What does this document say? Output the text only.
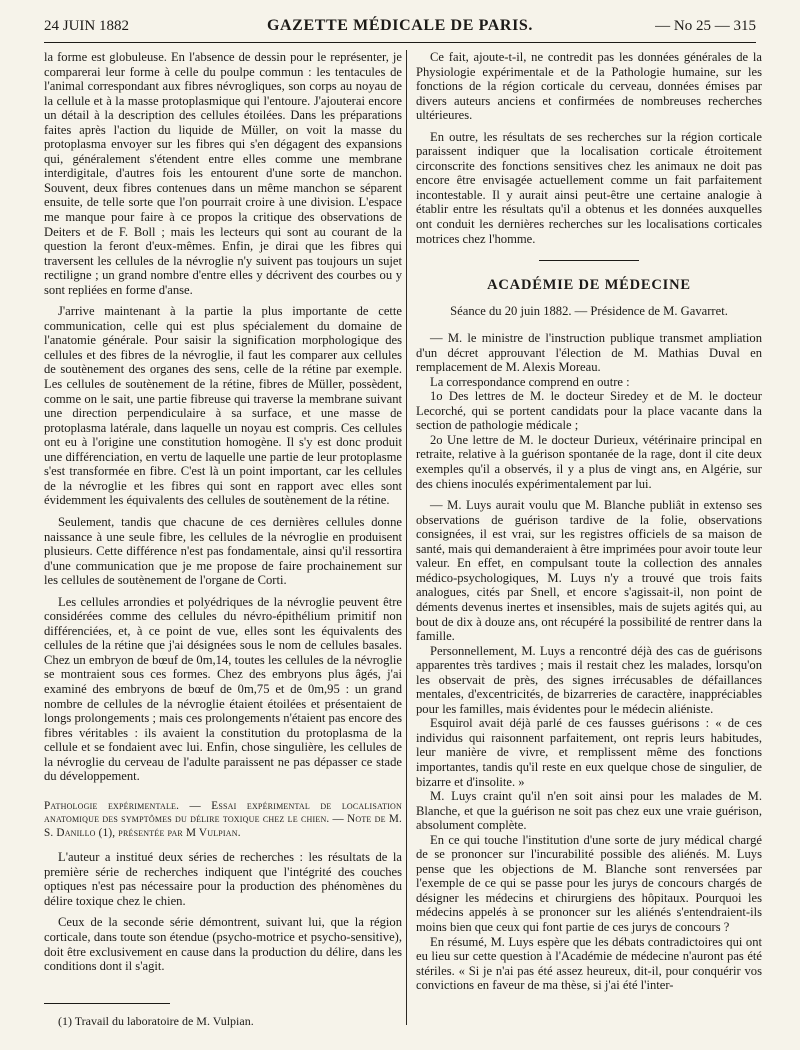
24 JUIN 1882	GAZETTE MÉDICALE DE PARIS.	— No 25 — 315

la forme est globuleuse. En l'absence de dessin pour le représenter, je comparerai leur forme à celle du poulpe commun : les tentacules de l'animal correspondant aux fibres névrogliques, son corps au noyau de la cellule et à la masse protoplasmique qui l'entoure. J'ajouterai encore un détail à la description des cellules étoilées. Dans les préparations faites après l'action du liquide de Müller, on voit la masse du protoplasma envoyer sur les fibres qui s'en dégagent des expansions qui, généralement s'étendent entre elles comme une membrane interdigitale, d'autres fois les entourent d'une sorte de manchon. Souvent, deux fibres contenues dans un même manchon se séparent ensuite, de telle sorte que l'on pourrait croire à une division. L'espace me manque pour faire à ce propos la critique des observations de Deiters et de F. Boll ; mais les lecteurs qui sont au courant de la question la feront d'eux-mêmes. Enfin, je dirai que les fibres qui traversent les cellules de la névroglie n'y suivent pas toujours un sujet rectiligne ; un grand nombre d'entre elles y décrivent des courbes ou y sont repliées en forme d'anse.

J'arrive maintenant à la partie la plus importante de cette communication, celle qui est plus spécialement du domaine de l'anatomie générale. Pour saisir la signification morphologique des cellules et des fibres de la névroglie, il faut les comparer aux cellules de soutènement des organes des sens, celle de la rétine par exemple. Les cellules de soutènement de la rétine, fibres de Müller, possèdent, comme on le sait, une partie fibreuse qui traverse la membrane suivant une direction perpendiculaire à sa surface, et une masse de protoplasma latérale, dans laquelle un noyau est compris. Ces cellules ont eu à l'origine une constitution homogène. Il s'y est donc produit une différenciation, en vertu de laquelle une partie de leur protoplasme s'est transformée en fibre. C'est là un point important, car les cellules de la névroglie et les fibres qui sont en rapport avec elles sont évidemment les équivalents des cellules de soutènement de la rétine.

Seulement, tandis que chacune de ces dernières cellules donne naissance à une seule fibre, les cellules de la névroglie en produisent plusieurs. Cette différence n'est pas fondamentale, ainsi qu'il ressortira d'une communication que je me propose de faire prochainement sur les cellules de soutènement de l'organe de Corti.

Les cellules arrondies et polyédriques de la névroglie peuvent être considérées comme des cellules du névro-épithélium primitif non différenciées, et, à ce point de vue, elles sont les équivalents des cellules de la rétine que j'ai désignées sous le nom de cellules basales. Chez un embryon de bœuf de 0m,14, toutes les cellules de la névroglie se montraient sous ces formes. Chez des embryons plus âgés, j'ai examiné des embryons de bœuf de 0m,75 et de 0m,95 : un grand nombre de cellules de la névroglie étaient étoilées et présentaient de longs prolongements ; mais ces prolongements n'étaient pas encore des fibres véritables : ils avaient la constitution du protoplasma de la cellule et se fondaient avec lui. Enfin, chose singulière, les cellules de la névroglie du cerveau de l'adulte paraissent ne pas dépasser ce stade du développement.

Pathologie expérimentale. — Essai expérimental de localisation anatomique des symptômes du délire toxique chez le chien. — Note de M. S. Danillo (1), présentée par M Vulpian.

L'auteur a institué deux séries de recherches : les résultats de la première série de recherches indiquent que l'intégrité des couches optiques n'est pas nécessaire pour la production des phénomènes du délire toxique chez le chien.

Ceux de la seconde série démontrent, suivant lui, que la région corticale, dans toute son étendue (psycho-motrice et psycho-sensitive), doit être exclusivement en cause dans la production du délire, dans les conditions dont il s'agit.

Ce fait, ajoute-t-il, ne contredit pas les données générales de la Physiologie expérimentale et de la Pathologie humaine, sur les fonctions de la région corticale du cerveau, données émises par divers auteurs anciens et confirmées de nombreuses recherches ultérieures.

En outre, les résultats de ses recherches sur la région corticale paraissent indiquer que la localisation corticale étroitement circonscrite des fonctions sensitives chez les animaux ne doit pas encore être envisagée actuellement comme un fait parfaitement incontestable. Il y aurait ainsi peut-être une certaine analogie à établir entre les résultats qu'il a obtenus et les données auxquelles ont conduit les dernières recherches sur les localisations corticales motrices chez l'homme.

ACADÉMIE DE MÉDECINE

Séance du 20 juin 1882. — Présidence de M. Gavarret.

— M. le ministre de l'instruction publique transmet ampliation d'un décret approuvant l'élection de M. Mathias Duval en remplacement de M. Alexis Moreau.

La correspondance comprend en outre :

1o Des lettres de M. le docteur Siredey et de M. le docteur Lecorché, qui se portent candidats pour la place vacante dans la section de pathologie médicale ;

2o Une lettre de M. le docteur Durieux, vétérinaire principal en retraite, relative à la guérison spontanée de la rage, dont il cite deux exemples qu'il a observés, il y a plus de vingt ans, en Algérie, sur des chiens inoculés expérimentalement par lui.

— M. Luys aurait voulu que M. Blanche publiât in extenso ses observations de guérison tardive de la folie, observations consignées, il est vrai, sur les registres officiels de sa maison de santé, mais qui demanderaient à être imprimées pour avoir toute leur valeur. En effet, en compulsant toute la collection des annales médico-psychologiques, M. Luys n'y a trouvé que trois faits analogues, cités par Snell, et encore s'agissait-il, non point de déments devenus inertes et insensibles, mais de sujets agités qui, au bout de dix à douze ans, ont récupéré la possibilité de rentrer dans la famille.

Personnellement, M. Luys a rencontré déjà des cas de guérisons apparentes très tardives ; mais il restait chez les malades, lorsqu'on les observait de près, des signes irrécusables de défaillances mentales, d'excentricités, de bizarreries de caractère, inappréciables pour les familles, mais évidentes pour le médecin aliéniste.

Esquirol avait déjà parlé de ces fausses guérisons : « de ces individus qui raisonnent parfaitement, ont repris leurs habitudes, leur manière de vivre, et remplissent même des fonctions importantes, tandis qu'il reste en eux quelque chose de singulier, de bizarre et d'insolite. »

M. Luys craint qu'il n'en soit ainsi pour les malades de M. Blanche, et que la guérison ne soit pas chez eux une vraie guérison, absolument complète.

En ce qui touche l'institution d'une sorte de jury médical chargé de se prononcer sur l'incurabilité possible des aliénés. M. Luys pense que les objections de M. Blanche sont renversées par l'exemple de ce qui se passe pour les jurys de concours chargés de désigner les médecins et chirurgiens des hôpitaux. Pourquoi les médecins appelés à se prononcer sur les aliénés s'entendraient-ils moins bien que ceux qui font partie de ces jurys de concours ?

En résumé, M. Luys espère que les débats contradictoires qui ont eu lieu sur cette question à l'Académie de médecine n'auront pas été stériles. « Si je n'ai pas été assez heureux, dit-il, pour conquérir vos convictions en faveur de ma thèse, si j'ai été l'inter-

(1) Travail du laboratoire de M. Vulpian.
